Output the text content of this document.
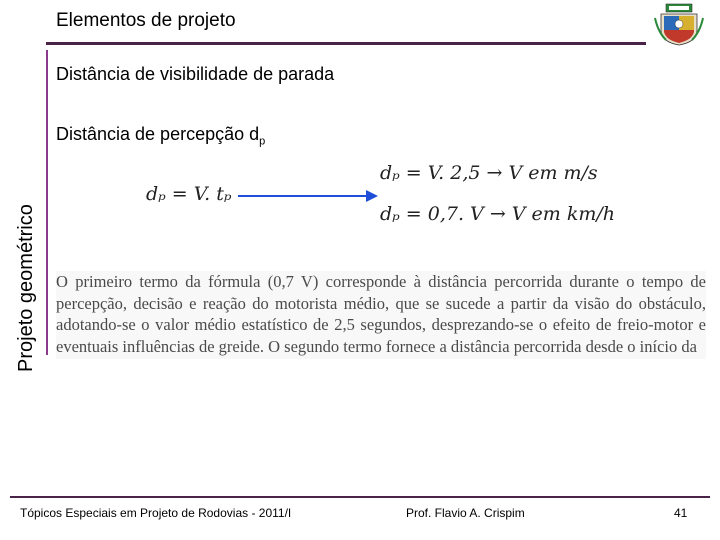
Elementos de projeto
Projeto geométrico
Distância de visibilidade de parada
Distância de percepção $d_p$
dₚ = V. tₚ
dₚ = V. 2,5 → V em m/s
dₚ = 0,7. V → V em km/h
O primeiro termo da fórmula (0,7 V) corresponde à distância percorrida durante o tempo de percepção, decisão e reação do motorista médio, que se sucede a partir da visão do obstáculo, adotando-se o valor médio estatístico de 2,5 segundos, desprezando-se o efeito de freio-motor e eventuais influências de greide. O segundo termo fornece a distância percorrida desde o início da
Tópicos Especiais em Projeto de Rodovias - 2011/I	Prof. Flavio A. Crispim	41
